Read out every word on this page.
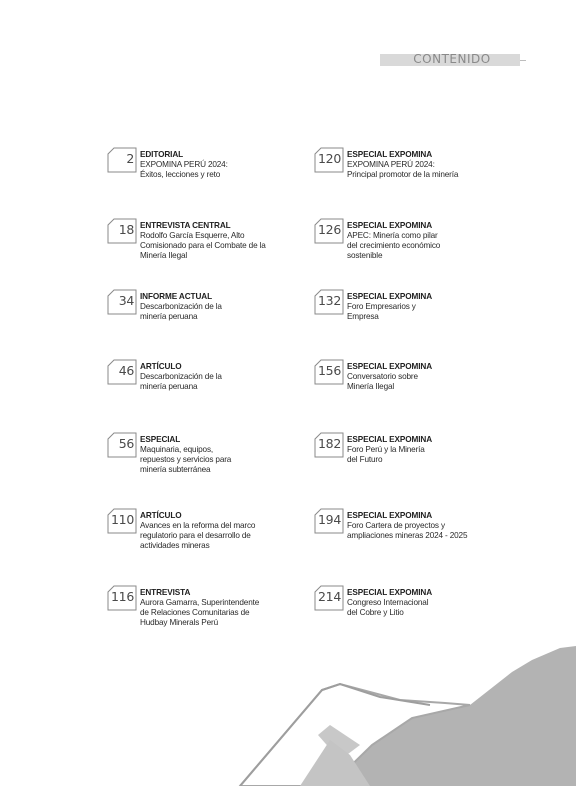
CONTENIDO
2 EDITORIAL
EXPOMINA PERÚ 2024:
Éxitos, lecciones y reto
18 ENTREVISTA CENTRAL
Rodolfo García Esquerre, Alto
Comisionado para el Combate de la
Minería Ilegal
34 INFORME ACTUAL
Descarbonización de la
minería peruana
46 ARTÍCULO
Descarbonización de la
minería peruana
56 ESPECIAL
Maquinaria, equipos,
repuestos y servicios para
minería subterránea
110 ARTÍCULO
Avances en la reforma del marco
regulatorio para el desarrollo de
actividades mineras
116 ENTREVISTA
Aurora Gamarra, Superintendente
de Relaciones Comunitarias de
Hudbay Minerals Perú
120 ESPECIAL EXPOMINA
EXPOMINA PERÚ 2024:
Principal promotor de la minería
126 ESPECIAL EXPOMINA
APEC: Minería como pilar
del crecimiento económico
sostenible
132 ESPECIAL EXPOMINA
Foro Empresarios y
Empresa
156 ESPECIAL EXPOMINA
Conversatorio sobre
Minería Ilegal
182 ESPECIAL EXPOMINA
Foro Perú y la Minería
del Futuro
194 ESPECIAL EXPOMINA
Foro Cartera de proyectos y
ampliaciones mineras 2024 - 2025
214 ESPECIAL EXPOMINA
Congreso Internacional
del Cobre y Litio
